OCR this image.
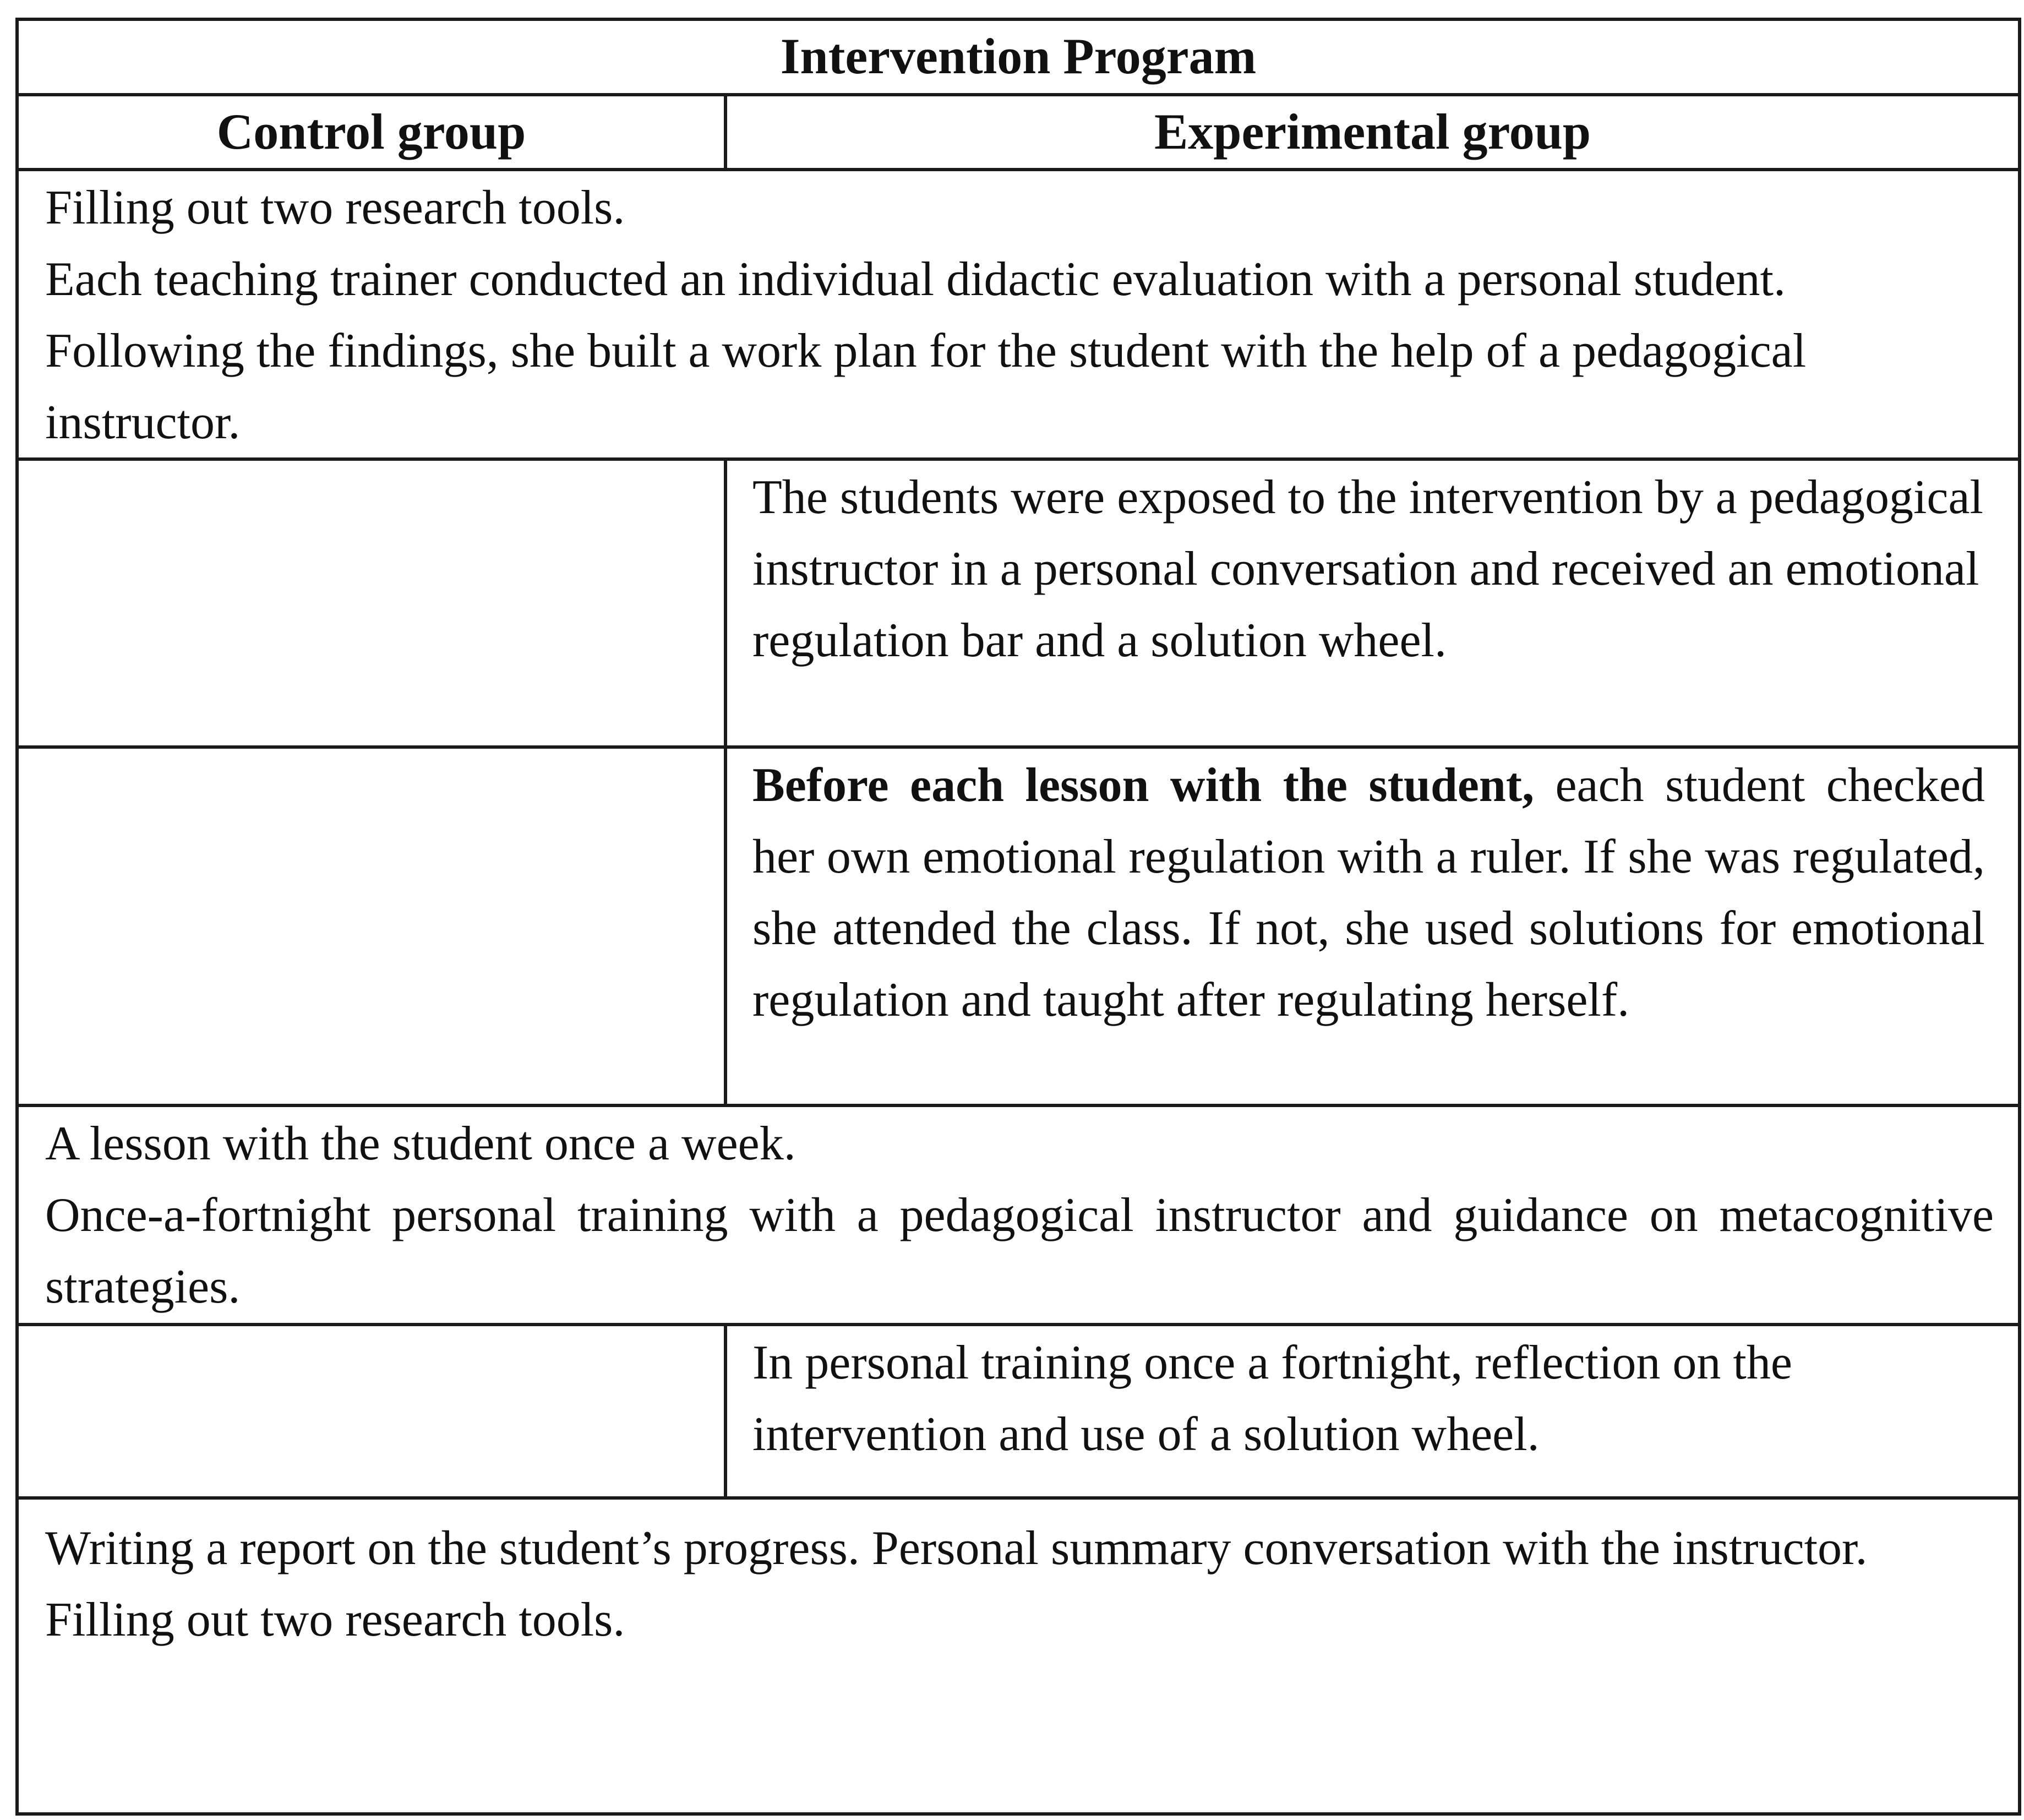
Intervention Program
Control group	Experimental group

Filling out two research tools.

Each teaching trainer conducted an individual didactic evaluation with a personal student. Following the findings, she built a work plan for the student with the help of a pedagogical instructor.

The students were exposed to the intervention by a pedagogical instructor in a personal conversation and received an emotional regulation bar and a solution wheel.

Before each lesson with the student, each student checked her own emotional regulation with a ruler. If she was regulated, she attended the class. If not, she used solutions for emotional regulation and taught after regulating herself.

A lesson with the student once a week.

Once-a-fortnight personal training with a pedagogical instructor and guidance on metacognitive strategies.

In personal training once a fortnight, reflection on the intervention and use of a solution wheel.

Writing a report on the student’s progress. Personal summary conversation with the instructor.

Filling out two research tools.
